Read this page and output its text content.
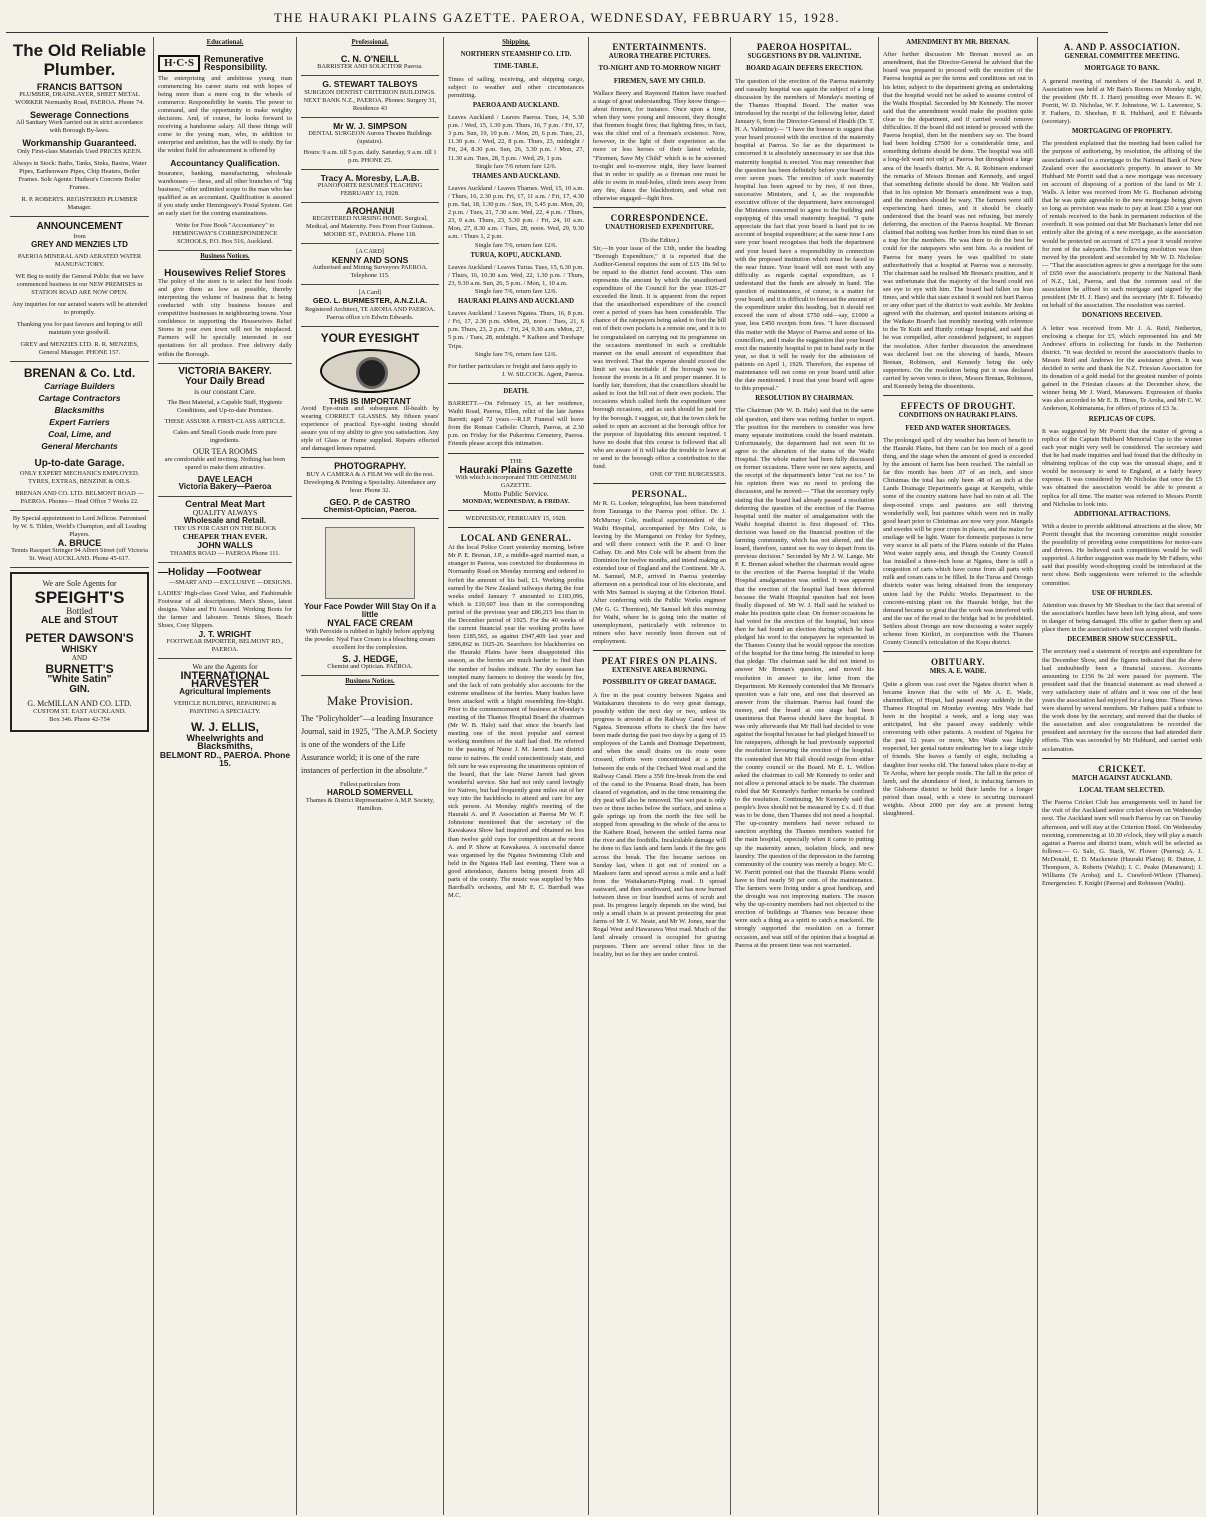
THE HAURAKI PLAINS GAZETTE. PAEROA, WEDNESDAY, FEBRUARY 15, 1928.
The Old Reliable Plumber.
FRANCIS BATTSON
PLUMBER, DRAINLAYER, SHEET METAL WORKER Normanby Road, PAEROA. Phone 74.
Sewerage Connections
All Sanitary Work carried out in strict accordance with Borough By-laws.
Workmanship Guaranteed.
Only First-class Materials Used PRICES KEEN.
Always in Stock: Baths, Tanks, Sinks, Basins, Water Pipes, Earthenware Pipes, Chip Heaters, Boiler Frames. Sole Agents: Hudson's Concrete Boiler Frames.
R. P. ROBERTS. REGISTERED PLUMBER Manager.
ANNOUNCEMENT
from
GREY AND MENZIES LTD
PAEROA MINERAL AND AERATED WATER MANUFACTORY.
WE Beg to notify the General Public that we have commenced business in our NEW PREMISES in STATION ROAD ARE NOW OPEN.
Any inquiries for our aerated waters will be attended to promptly.
Thanking you for past favours and hoping to still maintain your goodwill.
GREY and MENZIES LTD. R. R. MENZIES, General Manager. PHONE 157.
BRENAN & Co. Ltd.
Carriage Builders
Cartage Contractors
Blacksmiths
Expert Farriers
Coal, Lime, and
General Merchants
Up-to-date Garage.
ONLY EXPERT MECHANICS EMPLOYED. TYRES, EXTRAS, BENZINE & OILS.
BRENAN AND CO. LTD. BELMONT ROAD — PAEROA. Phones— Head Office 7 Works 22.
By Special appointment to Lord Jellicoe. Patronised by W. S. Tilden, World's Champion, and all Leading Players.
A. BRUCE
Tennis Racquet Stringer 94 Albert Street (off Victoria St. West) AUCKLAND. Phone 45-617.
We are Sole Agents for
SPEIGHT'S
Bottled
ALE and STOUT
PETER DAWSON'S
WHISKY
AND
BURNETT'S
"White Satin"
GIN.
G. McMILLAN AND CO. LTD.
CUSTOM ST. EAST AUCKLAND.
Box 346. Phone 42-754
Educational.
H·C·S	Remunerative Responsibility.
The enterprising and ambitious young man commencing his career starts out with hopes of being more than a mere cog in the wheels of commerce. Responsibility he wants. The power to command, and the opportunity to make weighty decisions. And, of course, he looks forward to receiving a handsome salary. All these things will come to the young man, who, in addition to enterprise and ambition, has the will to study. By far the widest field for advancement is offered by
Accountancy Qualification.
Insurance, banking, manufacturing, wholesale warehouses — these, and all other branches of "big business," offer unlimited scope to the man who has qualified as an accountant. Qualification is assured if you study under Hemingway's Postal System. Get an early start for the coming examinations.
Write for Free Book "Accountancy" to
HEMINGWAY'S CORRESPONDENCE SCHOOLS, P.O. Box 516, Auckland.
Business Notices.
Housewives Relief Stores
The policy of the store is to select the best foods and give them as low as possible, thereby interpreting the volume of business that is being conducted with city business houses and competitive businesses in neighbouring towns. Your confidence in supporting the Housewives Relief Stores in your own town will not be misplaced. Farmers will be specially interested in our quotations for all produce. Free delivery daily within the Borough.
VICTORIA BAKERY.
Your Daily Bread
is our constant Care.
The Best Material, a Capable Staff, Hygienic Conditions, and Up-to-date Premises.
THESE ASSURE A FIRST-CLASS ARTICLE.
Cakes and Small Goods made from pure ingredients.
OUR TEA ROOMS
are comfortable and inviting. Nothing has been spared to make them attractive.
DAVE LEACH
Victoria Bakery—Paeroa
Central Meat Mart
QUALITY ALWAYS
Wholesale and Retail.
TRY US FOR CASH ON THE BLOCK
CHEAPER THAN EVER.
JOHN WALLS
THAMES ROAD — PAEROA Phone 111.
—Holiday —Footwear
—SMART AND —EXCLUSIVE —DESIGNS.
LADIES' High-class Good Value, and Fashionable Footwear of all descriptions. Men's Shoes, latest designs. Value and Fit Assured. Working Boots for the farmer and labourer. Tennis Shoes, Beach Shoes, Cosy Slippers.
J. T. WRIGHT
FOOTWEAR IMPORTER, BELMONT RD., PAEROA.
We are the Agents for
INTERNATIONAL HARVESTER
Agricultural Implements
VEHICLE BUILDING, REPAIRING & PAINTING A SPECIALTY.
W. J. ELLIS,
Wheelwrights and Blacksmiths,
BELMONT RD., PAEROA. Phone 15.
Professional.
C. N. O'NEILL
BARRISTER AND SOLICITOR Paeroa.
G. STEWART TALBOYS
SURGEON DENTIST CRITERION BUILDINGS. NEXT BANK N.Z., PAEROA. Phones: Surgery 31, Residence 43
Mr W. J. SIMPSON
DENTAL SURGEON Aurora Theatre Buildings (upstairs).
Hours: 9 a.m. till 5 p.m. daily. Saturday, 9 a.m. till 1 p.m. PHONE 25.
Tracy A. Moresby, L.A.B.
PIANOFORTE RESUMES TEACHING FEBRUARY 13, 1928.
AROHANUI
REGISTERED NURSING HOME. Surgical, Medical, and Maternity. Fees From Four Guineas. MOORE ST., PAEROA. Phone 118.
[A CARD]
KENNY AND SONS
Authorised and Mining Surveyors PAEROA. Telephone 115.
[A Card]
GEO. L. BURMESTER, A.N.Z.I.A.
Registered Architect, TE AROHA AND PAEROA. Paeroa office c/o Edwin Edwards.
YOUR EYESIGHT
THIS IS IMPORTANT
Avoid Eye-strain and subsequent ill-health by wearing CORRECT GLASSES. My fifteen years' experience of practical Eye-sight testing should assure you of my ability to give you satisfaction. Any style of Glass or Frame supplied. Repairs effected and damaged lenses repaired.
PHOTOGRAPHY.
BUY A CAMERA & A FILM We will do the rest. Developing & Printing a Speciality. Attendance any hour. Phone 32.
GEO. P. de CASTRO
Chemist-Optician, Paeroa.
Your Face Powder Will Stay On if a little
NYAL FACE CREAM
With Peroxide is rubbed in lightly before applying the powder. Nyal Face Cream is a bleaching cream excellent for the complexion.
S. J. HEDGE,
Chemist and Optician. PAEROA.
Business Notices.
Make Provision.
The "Policyholder"—a leading Insurance Journal, said in 1925, "The A.M.P. Society is one of the wonders of the Life Assurance world; it is one of the rare instances of perfection in the absolute."
Fullest particulars from
HAROLD SOMERVELL
Thames & District Representative A.M.P. Society, Hamilton.
Shipping.
NORTHERN STEAMSHIP CO. LTD.
TIME-TABLE.
Times of sailing, receiving, and shipping cargo, subject to weather and other circumstances permitting.
PAEROA AND AUCKLAND.
Leaves Auckland / Leaves Paeroa. Tues, 14, 5.30 p.m. / Wed, 15, 1.30 p.m. Thurs, 16, 7 p.m. / Fri, 17, 3 p.m. Sun, 19, 10 p.m. / Mon, 20, 6 p.m. Tues, 21, 11.30 p.m. / Wed, 22, 8 p.m. Thurs, 23, midnight / Fri, 24, 8.30 p.m. Sun, 26, 3.30 p.m. / Mon, 27, 11.30 a.m. Tues, 28, 5 p.m. / Wed, 29, 1 p.m.
Single fare 7/6 return fare 12/6.
THAMES AND AUCKLAND.
Leaves Auckland / Leaves Thames. Wed, 15, 10 a.m. / Thurs, 16, 2.30 p.m. Fri, 17, 11 a.m. / Fri, 17, 4.30 p.m. Sat, 18, 1.30 p.m. / Sun, 19, 5.45 p.m. Mon, 20, 2 p.m. / Tues, 21, 7.30 a.m. Wed, 22, 4 p.m. / Thurs, 23, 9 a.m. Thurs, 23, 5.30 p.m. / Fri, 24, 10 a.m. Mon, 27, 8.30 a.m. / Tues, 28, noon. Wed, 29, 9.30 a.m. / Thurs 1, 2 p.m.
Single fare 7/6, return fare 12/6.
TURUA, KOPU, AUCKLAND.
Leaves Auckland / Leaves Turua. Tues, 15, 6.30 p.m. / Thurs, 16, 10.30 a.m. Wed, 22, 1.30 p.m. / Thurs, 23, 9.30 a.m. Sun, 26, 5 p.m. / Mon, 1, 10 a.m.
Single fare 7/6, return fare 12/6.
HAURAKI PLAINS AND AUCKLAND
Leaves Auckland / Leaves Ngatea. Thurs, 16, 8 p.m. / Fri, 17, 2.30 p.m. xMon, 20, noon / Tues, 21, 6 p.m. Thurs, 23, 2 p.m. / Fri, 24, 9.30 a.m. xMon, 27, 5 p.m. / Tues, 28, midnight. * Kaihere and Torehape Trips.
Single fare 7/6, return fare 12/6.
For further particulars re freight and fares apply to
J. W. SILCOCK. Agent, Paeroa.
DEATH.
BARRETT.—On February 15, at her residence, Waihi Road, Paeroa, Ellen, relict of the late James Barrett; aged 72 years.—R.I.P. Funeral will leave from the Roman Catholic Church, Paeroa, at 2.30 p.m. on Friday for the Pukerimu Cemetery, Paeroa. Friends please accept this intimation.
THE
Hauraki Plains Gazette
With which is incorporated THE OHINEMURI GAZETTE.
Motto Public Service.
MONDAY, WEDNESDAY, & FRIDAY.
WEDNESDAY, FEBRUARY 15, 1928.
LOCAL AND GENERAL.
At the local Police Court yesterday morning, before Mr P. E. Brenan, J.P., a middle-aged married man, a stranger to Paeroa, was convicted for drunkenness in Normanby Road on Monday morning and ordered to forfeit the amount of his bail, £1. Working profits earned by the New Zealand railways during the four weeks ended January 7 amounted to £183,096, which is £10,607 less than in the corresponding period of the previous year and £86,215 less than in the December period of 1925. For the 40 weeks of the current financial year the working profits have been £185,565, as against £947,409 last year and £896,862 in 1925-26. Searchers for blackberries on the Hauraki Plains have been disappointed this season, as the berries are much harder to find than the number of bushes indicate. The dry season has tempted many farmers to destroy the weeds by fire, and the lack of rain probably also accounts for the extreme smallness of the berries. Many bushes have been attacked with a blight resembling fire-blight. Prior to the commencement of business at Monday's meeting of the Thames Hospital Board the chairman (Mr W. B. Hale) said that since the board's last meeting one of the most popular and earnest working members of the staff had died. He referred to the passing of Nurse J. M. Jarrett. Last district nurse to natives. He could conscientiously state, and felt sure he was expressing the unanimous opinion of the board, that the late Nurse Jarrett had given wonderful service. She had not only cared lovingly for Natives, but had frequently gone miles out of her way into the backblocks to attend and care for any sick person. At Monday night's meeting of the Hauraki A. and P. Association at Paeroa Mr W. F. Johnstone mentioned that the secretary of the Kawakawa Show had inquired and obtained no less than twelve gold cups for competition at the recent A. and P. Show at Kawakawa. A successful dance was organised by the Ngatea Swimming Club and held in the Ngatea Hall last evening. There was a good attendance, dancers being present from all parts of the county. The music was supplied by Mrs Barriball's orchestra, and Mr E. C. Barriball was M.C.
ENTERTAINMENTS.
AURORA THEATRE PICTURES.
TO-NIGHT AND TO-MORROW NIGHT
FIREMEN, SAVE MY CHILD.
Wallace Beery and Raymond Hatton have reached a stage of great understanding. They know things—about firemen, for instance. Once upon a time, when they were young and innocent, they thought that firemen fought fires; that fighting fires, in fact, was the chief end of a fireman's existence. Now, however, in the light of their experience as the more or less heroes of their latest vehicle, "Firemen, Save My Child" which is to be screened to-night and to-morrow night, they have learned that in order to qualify as a fireman one must be able to swim in mud-holes, climb trees away from any fire, dance the blackbottom, and what not otherwise engaged—fight fires.
CORRESPONDENCE.
UNAUTHORISED EXPENDITURE.
(To the Editor.)
Sir,—In your issue of the 13th, under the heading "Borough Expenditure," it is reported that the Auditor-General requires the sum of £15 18s 9d to be repaid to the district fund account. This sum represents the amount by which the unauthorised expenditure of the Council for the year 1926-27 exceeded the limit. It is apparent from the report that the unauthorised expenditure of the council over a period of years has been considerable. The chance of the ratepayers being asked to foot the bill out of their own pockets is a remote one, and it is to be congratulated on carrying out its programme on the occasions mentioned in such a creditable manner on the small amount of expenditure that was involved. That the expense should exceed the limit set was inevitable if the borough was to honour the events in a fit and proper manner. It is hardly fair, therefore, that the councillors should be asked to foot the bill out of their own pockets. The occasions which called forth the expenditure were borough occasions, and as such should be paid for by the borough. I suggest, sir, that the town clerk be asked to open an account at the borough office for the purpose of liquidating this amount required. I have no doubt that this course is followed that all who are aware of it will take the trouble to leave at or send to the borough office a contribution to the fund.
ONE OF THE BURGESSES.
PERSONAL.
Mr R. G. Looker, telegraphist, has been transferred from Tauranga to the Paeroa post office. Dr. J. McMurray Cole, medical superintendent of the Waihi Hospital, accompanied by Mrs Cole, is leaving by the Mamganui on Friday for Sydney, and will there connect with the P. and O liner Cathay. Dr. and Mrs Cole will be absent from the Dominion for twelve months, and intend making an extended tour of England and the Continent. Mr A. M. Samuel, M.P., arrived in Paeroa yesterday afternoon on a periodical tour of his electorate, and with Mrs Samuel is staying at the Criterion Hotel. After conferring with the Public Works engineer (Mr G. G. Thornton), Mr Samuel left this morning for Waihi, where he is going into the matter of unemployment, particularly with reference to miners who have recently been thrown out of employment.
PEAT FIRES ON PLAINS.
EXTENSIVE AREA BURNING.
POSSIBILITY OF GREAT DAMAGE.
A fire in the peat country between Ngatea and Waitakaruru threatens to do very great damage, possibly within the next day or two, unless its progress is arrested at the Railway Canal west of Ngatea. Strenuous efforts to check the fire have been made during the past two days by a gang of 15 employees of the Lands and Drainage Department, and when the small drains on its route were crossed, efforts were concentrated at a point between the ends of the Orchard West road and the Railway Canal. Here a 35ft fire-break from the end of the canal to the Pouarua Road drain, has been cleared of vegetation, and in the time remaining the dry peat will also be removed. The wet peat is only two or three inches below the surface, and unless a gale springs up from the north the fire will be stopped from spreading to the whole of the area to the Kaihere Road, between the settled farms near the river and the foothills. Incalculable damage will be done to flax lands and farm lands if the fire gets across the break. The fire became serious on Sunday last, when it got out of control on a Maukoro farm and spread across a mile and a half from the Waitakaruru-Piping road. It spread eastward, and then southward, and has now burned between three or four hundred acres of scrub and peat. Its progress largely depends on the wind, but only a small chain is at present protecting the peat farms of Mr J. W. Neate, and Mr W. Jones, near the Rogal West and Hawarawa West road. Much of the land already crossed is occupied for grazing purposes. There are several other fires in the locality, but so far they are under control.
PAEROA HOSPITAL.
SUGGESTIONS BY DR. VALINTINE.
BOARD AGAIN DEFERS ERECTION.
The question of the erection of the Paeroa maternity and casualty hospital was again the subject of a long discussion by the members of Monday's meeting of the Thames Hospital Board. The matter was introduced by the receipt of the following letter, dated January 6, from the Director-General of Health (Dr. T. H. A. Valintine):— "I have the honour to suggest that your board proceed with the erection of the maternity hospital at Paeroa. So far as the department is concerned it is absolutely unnecessary to see that this maternity hospital is erected. You may remember that the question has been definitely before your board for over seven years. The erection of such maternity hospital has been agreed to by two, if not three, successive Ministers, and I, as the responsible executive officer of the department, have encouraged the Ministers concerned to agree to the building and equipping of this small maternity hospital. "I quite appreciate the fact that your board is hard put to on account of hospital expenditure; at the same time I am sure your board recognises that both the department and your board have a responsibility in connection with the proposed institution which must be faced in the near future. Your board will not meet with any difficulty as regards capital expenditure, as I understand that the funds are already in hand. The question of maintenance, of course, is a matter for your board, and it is difficult to forecast the amount of the expenditure under this heading, but it should not exceed the sum of about £750 odd—say, £1000 a year, less £450 receipts from fees. "I have discussed this matter with the Mayor of Paeroa and some of his councillors, and I make the suggestion that your board erect the maternity hospital to put in hand early in the year, so that it will be ready for the admission of patients on April 1, 1929. Therefore, the expense of maintenance will not come on your board until after the date mentioned. I trust that your board will agree to this proposal."
RESOLUTION BY CHAIRMAN.
The Chairman (Mr W. B. Hale) said that in the same old question, and there was nothing further to report. The position for the members to consider was how many separate institutions could the board maintain. Unfortunately, the department had not seen fit to agree to the alteration of the status of the Waihi Hospital. The whole matter had been fully discussed on former occasions. There were no new aspects, and the receipt of the department's letter "cut no ice." In his opinion there was no need to prolong the discussion, and he moved:— "That the secretary reply stating that the board had already passed a resolution deferring the question of the erection of the Paeroa hospital until the matter of amalgamation with the Waihi hospital district is first disposed of. This decision was based on the financial position of the farming community, which has not altered, and the board, therefore, cannot see its way to depart from its previous decision." Seconded by Mr J. W. Lange. Mr P. E. Brenan asked whether the chairman would agree to the erection of the Paeroa hospital if the Waihi Hospital amalgamation was settled. It was apparent that the erection of the hospital had been deferred because the Waihi Hospital question had not been finally disposed of. Mr W. J. Hall said he wished to make his position quite clear. On former occasions he had voted for the erection of the hospital, but since then he had found an election during which he had pledged his word to the ratepayers he represented in the Thames County that he would oppose the erection of the hospital for the time being. He intended to keep that pledge. The chairman said he did not intend to answer Mr Brenan's question, and moved his resolution in answer to the letter from the Department. Mr Kennedy contended that Mr Brenan's question was a fair one, and one that deserved an answer from the chairman. Paeroa had found the money, and the board at one stage had been unanimous that Paeroa should have the hospital. It was only afterwards that Mr Hall had decided to vote against the hospital because he had pledged himself to his ratepayers, although he had previously supported the resolution favouring the erection of the hospital. He contended that Mr Hall should resign from either the county council or the Board. Mr E. L. Wellon asked the chairman to call Mr Kennedy to order and not allow a personal attack to be made. The chairman ruled that Mr Kennedy's further remarks be confined to the resolution. Continuing, Mr Kennedy said that people's lives should not be measured by £ s. d. If that was to be done, then Thames did not need a hospital. The up-country members had never refused to sanction anything the Thames members wanted for the main hospital, especially when it came to putting up the maternity annex, isolation block, and new laundry. The question of the depression in the farming community of the country was merely a bogey. Mr C. W. Parritt pointed out that the Hauraki Plains would have to find nearly 50 per cent. of the maintenance. The farmers were living under a great handicap, and the drought was not improving matters. The reason why the up-country members had not objected to the erection of buildings at Thames was because these were such a thing as a spirit to catch a mackerel. He strongly supported the resolution on a former occasion, and was still of the opinion that a hospital at Paeroa at the present time was not warranted.
AMENDMENT BY MR. BRENAN.
After further discussion Mr Brenan moved as an amendment, that the Director-General be advised that the board was prepared to proceed with the erection of the Paeroa hospital as per the terms and conditions set out in his letter, subject to the department giving an undertaking that the hospital would not be asked to assume control of the Waihi Hospital. Seconded by Mr Kennedy. The mover said that the amendment would make the position quite clear to the department, and if carried would remove difficulties. If the board did not intend to proceed with the Paeroa hospital, then let the members say so. The board had been holding £7500 for a considerable time, and something definite should be done. The hospital was still a long-felt want not only at Paeroa but throughout a large area of the board's district. Mr A. R. Robinson endorsed the remarks of Messrs Brenan and Kennedy, and urged that something definite should be done. Mr Walton said that in his opinion Mr Brenan's amendment was a trap, and the members should be wary. The farmers were still experiencing hard times, and it should be clearly understood that the board was not refusing, but merely deferring, the erection of the Paeroa hospital. Mr Brenan claimed that nothing was further from his mind than to set a trap for the members. He was there to do the best he could for the ratepayers who sent him. As a resident of Paeroa for many years he was qualified to state authoritatively that a hospital at Paeroa was a necessity. The chairman said he realised Mr Brenan's position, and it was unfortunate that the majority of the board could not see eye to eye with him. The board had fallen on lean times, and while that state existed it would not hurt Paeroa or any other part of the district to wait awhile. Mr Jenkins agreed with the chairman, and quoted instances arising at the Waikato Board's last monthly meeting with reference to the Te Kuiti and Huntly cottage hospital, and said that he was compelled, after considered judgment, to support the resolution. After further discussion the amendment was declared lost on the showing of hands, Messrs Brenan, Robinson, and Kennedy being the only supporters. On the resolution being put it was declared carried by seven votes to three, Messrs Brenan, Robinson, and Kennedy being the dissentients.
EFFECTS OF DROUGHT.
CONDITIONS ON HAURAKI PLAINS.
FEED AND WATER SHORTAGES.
The prolonged spell of dry weather has been of benefit to the Hauraki Plains, but there can be too much of a good thing, and the stage when the amount of good is exceeded by the amount of harm has been reached. The rainfall so far this month has been .07 of an inch, and since Christmas the total has only been .48 of an inch at the Lands Drainage Department's gauge at Kerepehi, while some of the country stations have had no rain at all. The deep-rooted crops and pastures are still thriving wonderfully well, but pastures which were not in really good heart prior to Christmas are now very poor. Mangels and swedes will be poor crops in places, and the maize for ensilage will be light. Water for domestic purposes is now very scarce in all parts of the Plains outside of the Plains West water supply area, and though the County Council has installed a three-inch hose at Ngatea, there is still a congestion of carts which have come from all parts with milk and cream cans to be filled. In the Turua and Orongo districts water was being obtained from the temporary union laid by the Public Works Department to the concrete-mixing plant on the Hauraki bridge, but the demand became so great that the work was interfered with and the use of the road to the bridge had to be prohibited. Settlers about Orongo are now discussing a water supply scheme from Kirikiri, in conjunction with the Thames County Council's reticulation of the Kopu district.
OBITUARY.
MRS. A. E. WADE.
Quite a gloom was cast over the Ngatea district when it became known that the wife of Mr A. E. Wade, sharemilker, of Hopai, had passed away suddenly in the Thames Hospital on Monday evening. Mrs Wade had been in the hospital a week, and a long stay was anticipated, but she passed away suddenly while conversing with other patients. A resident of Ngatea for the past 12 years or more, Mrs Wade was highly respected, her genial nature endearing her to a large circle of friends. She leaves a family of eight, including a daughter four weeks old. The funeral takes place to-day at Te Aroha, where her people reside. The fall in the price of lamb, and the abundance of feed, is inducing farmers in the Gisborne district to hold their lambs for a longer period than usual, with a view to securing increased weights. About 2000 per day are at present being slaughtered.
A. AND P. ASSOCIATION.
GENERAL COMMITTEE MEETING.
MORTGAGE TO BANK.
A general meeting of members of the Hauraki A. and P. Association was held at Mr Bain's Rooms on Monday night, the president (Mr H. J. Hare) presiding over Messrs E. W. Porritt, W. D. Nicholas, W. F. Johnstone, W. L. Lawrence, S. F. Fathers, D. Sheehan, P. R. Hubbard, and E Edwards (secretary).
MORTGAGING OF PROPERTY.
The president explained that the meeting had been called for the purpose of authorising, by resolution, the affixing of the association's seal to a mortgage to the National Bank of New Zealand over the association's property. In answer to Mr Hubbard Mr Porritt said that a new mortgage was necessary on account of disposing of a portion of the land to Mr J. Walls. A letter was received from Mr G. Buchanan advising that he was quite agreeable to the new mortgage being given so long as provision was made to pay at least £50 a year out of rentals received to the bank in permanent reduction of the overdraft. It was pointed out that Mr Buchanan's letter did not entirely alter the giving of a new mortgage, as the association would be protected on account of £75 a year it would receive for rent of the saleyards. The following resolution was then moved by the president and seconded by Mr W. D. Nicholas:— "That the association agrees to give a mortgage for the sum of £650 over the association's property to the National Bank of N.Z., Ltd., Paeroa, and that the common seal of the association be affixed to such mortgage and signed by the president (Mr H. J. Hare) and the secretary (Mr E. Edwards) on behalf of the association. The resolution was carried.
DONATIONS RECEIVED.
A letter was received from Mr J. A. Reid, Netherton, enclosing a cheque for £5, which represented his and Mr Andrews' efforts in collecting for funds in the Netherton district. "It was decided to record the association's thanks to Messrs Reid and Andrews for the assistance given. It was decided to write and thank the N.Z. Friesian Association for its donation of a gold medal for the greatest number of points gained in the Friesian classes at the December show, the winner being Mr J. Ward, Manawaru. Expression of thanks was also accorded to Mr E. B. Hines, Te Aroha, and Mr C. W. Anderson, Kohimarama, for offers of prizes of £3 3s.
REPLICAS OF CUPS.
It was suggested by Mr Porritt that the matter of giving a replica of the Captain Hubbard Memorial Cup to the winner each year might very well be considered. The secretary said that he had made inquiries and had found that the difficulty in obtaining replicas of the cup was the unusual shape, and it would be necessary to send to England, at a fairly heavy expense. It was considered by Mr Nicholas that once the £5 was obtained the association would be able to present a replica for all time. The matter was referred to Messrs Porritt and Nicholas to look into.
ADDITIONAL ATTRACTIONS.
With a desire to provide additional attractions at the show, Mr Porritt thought that the incoming committee might consider the possibility of providing some competitions for motor-cars and drivers. He believed such competitions would be well supported. A further suggestion was made by Mr Fathers, who said that possibly wood-chopping could be introduced at the next show. Both suggestions were referred to the schedule committee.
USE OF HURDLES.
Attention was drawn by Mr Sheehan to the fact that several of the association's hurdles have been left lying about, and were in danger of being damaged. His offer to gather them up and place them in the association's shed was accepted with thanks.
DECEMBER SHOW SUCCESSFUL.
The secretary read a statement of receipts and expenditure for the December Show, and the figures indicated that the show had undoubtedly been a financial success. Accounts amounting to £156 9s 2d were passed for payment. The president said that the financial statement as read showed a very satisfactory state of affairs and it was one of the best years the association had enjoyed for a long time. These views were shared by several members. Mr Fathers paid a tribute to the work done by the secretary, and moved that the thanks of the association and also congratulations be recorded the president and secretary for the success that had attended their efforts. This was seconded by Mr Hubbard, and carried with acclamation.
CRICKET.
MATCH AGAINST AUCKLAND.
LOCAL TEAM SELECTED.
The Paeroa Cricket Club has arrangements well in hand for the visit of the Auckland senior cricket eleven on Wednesday next. The Auckland team will reach Paeroa by car on Tuesday afternoon, and will stay at the Criterion Hotel. On Wednesday morning, commencing at 10.30 o'clock, they will play a match against a Paeroa and district team, which will be selected as follows:— G. Sale, G. Stack, W. Flower (Paeroa); A. J. McDonald, E. D. Mackenzie (Hauraki Plains); R. Dutton, J. Thompson, A. Roberts (Waihi); I. C. Peake (Manawaru); J. Williams (Te Aroha); and L. Crawford-Wilson (Thames). Emergencies: F. Knight (Paeroa) and Robinson (Waihi).
